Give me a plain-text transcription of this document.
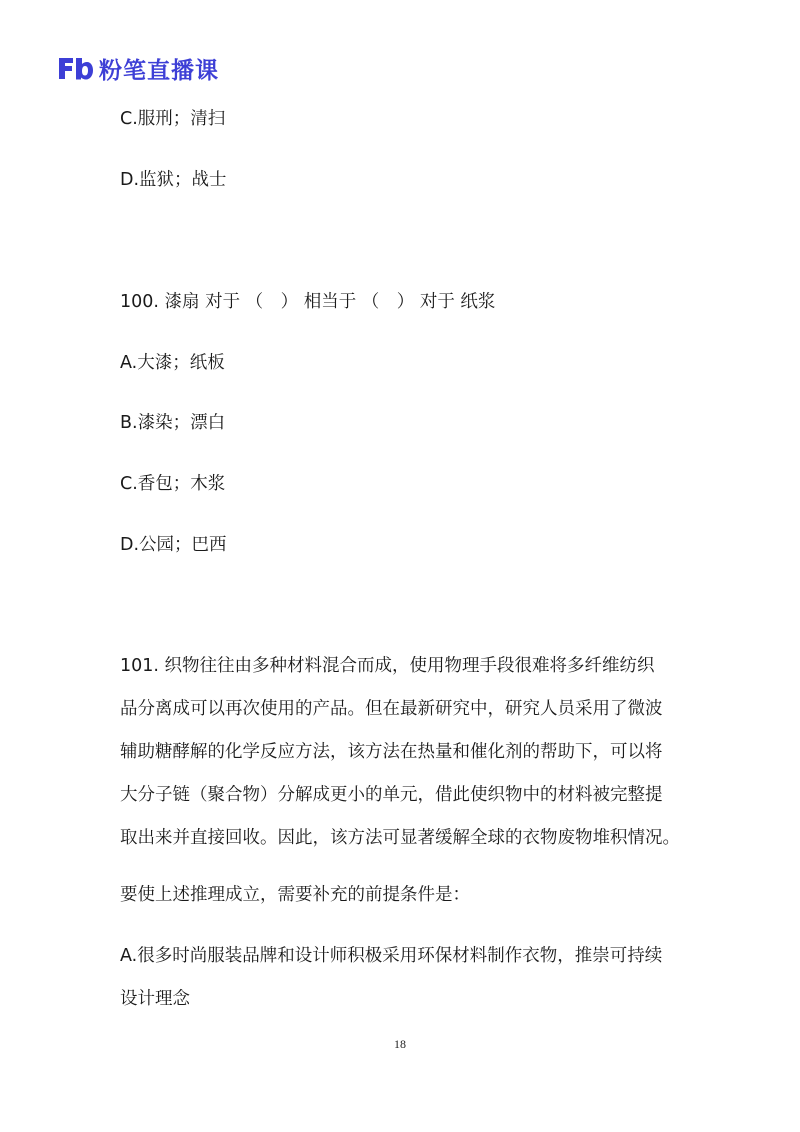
粉笔直播课
C.服刑；清扫
D.监狱；战士
100. 漆扇 对于 （　） 相当于 （　） 对于 纸浆
A.大漆；纸板
B.漆染；漂白
C.香包；木浆
D.公园；巴西
101. 织物往往由多种材料混合而成，使用物理手段很难将多纤维纺织
品分离成可以再次使用的产品。但在最新研究中，研究人员采用了微波
辅助糖酵解的化学反应方法，该方法在热量和催化剂的帮助下，可以将
大分子链（聚合物）分解成更小的单元，借此使织物中的材料被完整提
取出来并直接回收。因此，该方法可显著缓解全球的衣物废物堆积情况。
要使上述推理成立，需要补充的前提条件是：
A.很多时尚服装品牌和设计师积极采用环保材料制作衣物，推崇可持续
设计理念
18
